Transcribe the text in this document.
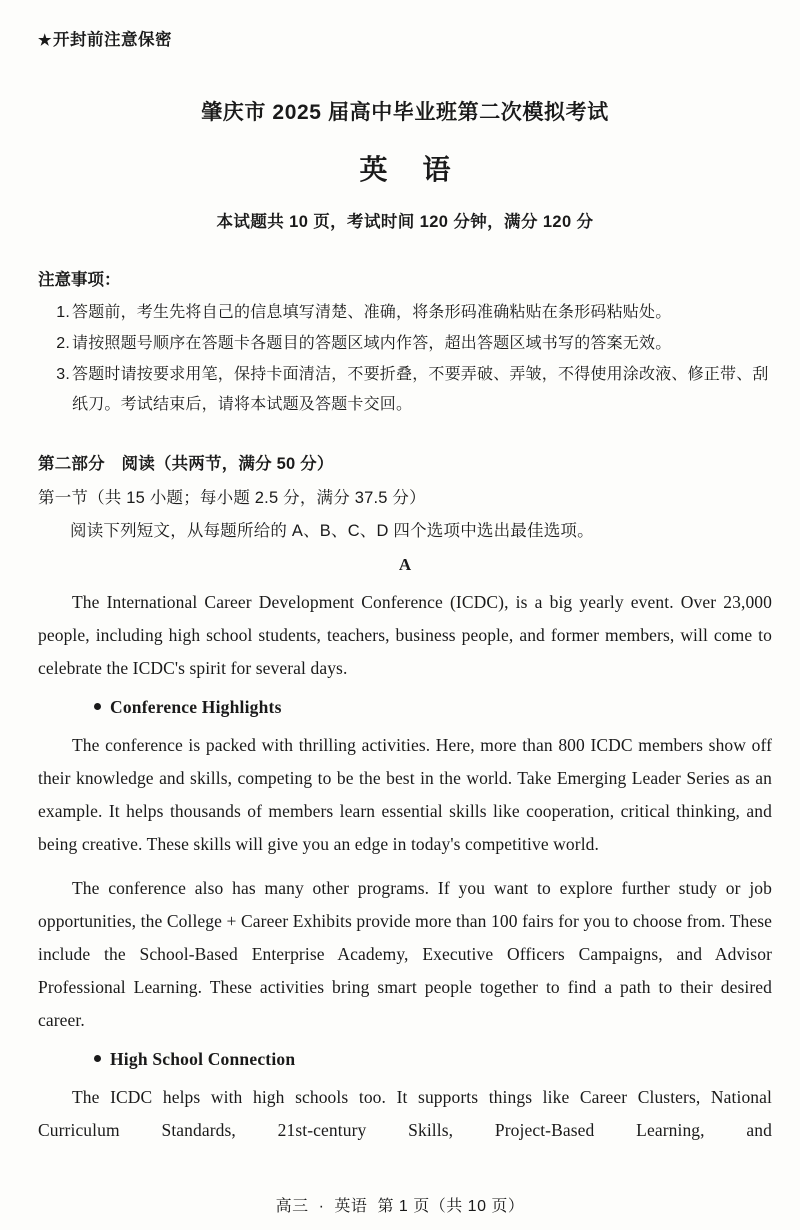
★开封前注意保密
肇庆市 2025 届高中毕业班第二次模拟考试
英 语
本试题共 10 页，考试时间 120 分钟，满分 120 分
注意事项：
1. 答题前，考生先将自己的信息填写清楚、准确，将条形码准确粘贴在条形码粘贴处。
2. 请按照题号顺序在答题卡各题目的答题区域内作答，超出答题区域书写的答案无效。
3. 答题时请按要求用笔，保持卡面清洁，不要折叠，不要弄破、弄皱，不得使用涂改液、修正带、刮纸刀。考试结束后，请将本试题及答题卡交回。
第二部分　阅读（共两节，满分 50 分）
第一节（共 15 小题；每小题 2.5 分，满分 37.5 分）
阅读下列短文，从每题所给的 A、B、C、D 四个选项中选出最佳选项。
A

The International Career Development Conference (ICDC), is a big yearly event. Over 23,000 people, including high school students, teachers, business people, and former members, will come to celebrate the ICDC's spirit for several days.

Conference Highlights

The conference is packed with thrilling activities. Here, more than 800 ICDC members show off their knowledge and skills, competing to be the best in the world. Take Emerging Leader Series as an example. It helps thousands of members learn essential skills like cooperation, critical thinking, and being creative. These skills will give you an edge in today's competitive world.

The conference also has many other programs. If you want to explore further study or job opportunities, the College + Career Exhibits provide more than 100 fairs for you to choose from. These include the School-Based Enterprise Academy, Executive Officers Campaigns, and Advisor Professional Learning. These activities bring smart people together to find a path to their desired career.

High School Connection

The ICDC helps with high schools too. It supports things like Career Clusters, National Curriculum Standards, 21st-century Skills, Project-Based Learning, and

高三 · 英语 第 1 页（共 10 页）
